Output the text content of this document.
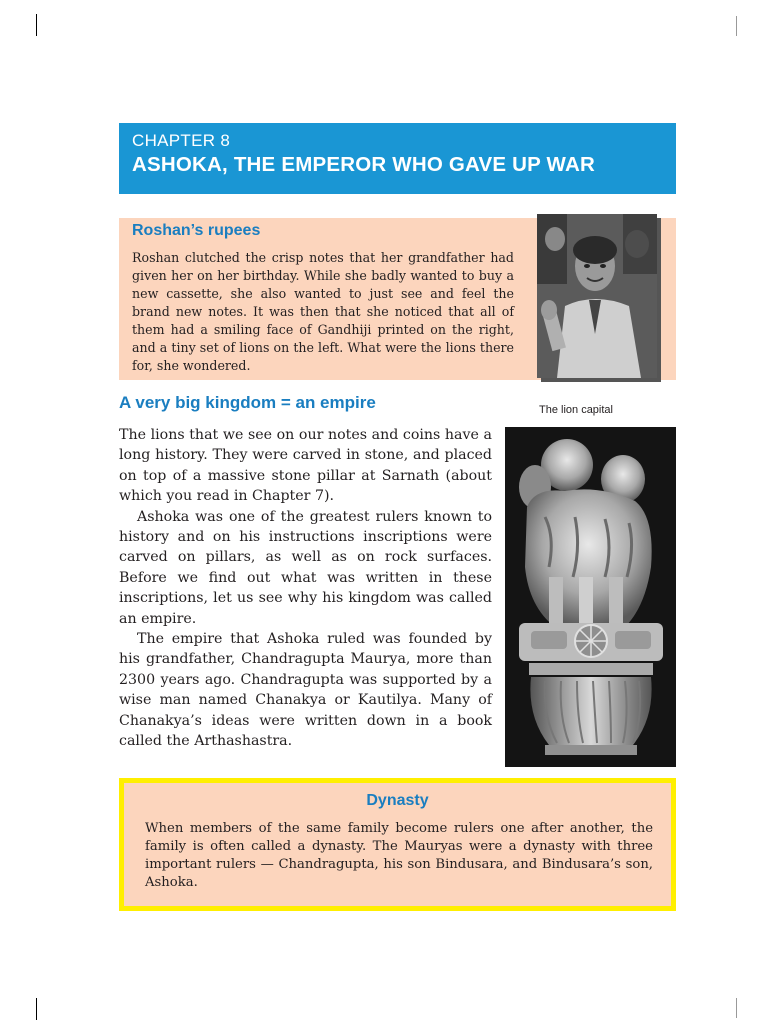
CHAPTER 8
ASHOKA, THE EMPEROR WHO GAVE UP WAR
Roshan’s rupees

Roshan clutched the crisp notes that her grandfather had given her on her birthday. While she badly wanted to buy a new cassette, she also wanted to just see and feel the brand new notes. It was then that she noticed that all of them had a smiling face of Gandhiji printed on the right, and a tiny set of lions on the left. What were the lions there for, she wondered.

A very big kingdom = an empire

The lions that we see on our notes and coins have a long history. They were carved in stone, and placed on top of a massive stone pillar at Sarnath (about which you read in Chapter 7).

Ashoka was one of the greatest rulers known to history and on his instructions inscriptions were carved on pillars, as well as on rock surfaces. Before we find out what was written in these inscriptions, let us see why his kingdom was called an empire.

The empire that Ashoka ruled was founded by his grandfather, Chandragupta Maurya, more than 2300 years ago. Chandragupta was supported by a wise man named Chanakya or Kautilya. Many of Chanakya’s ideas were written down in a book called the Arthashastra.

The lion capital
Dynasty

When members of the same family become rulers one after another, the family is often called a dynasty. The Mauryas were a dynasty with three important rulers — Chandragupta, his son Bindusara, and Bindusara’s son, Ashoka.
